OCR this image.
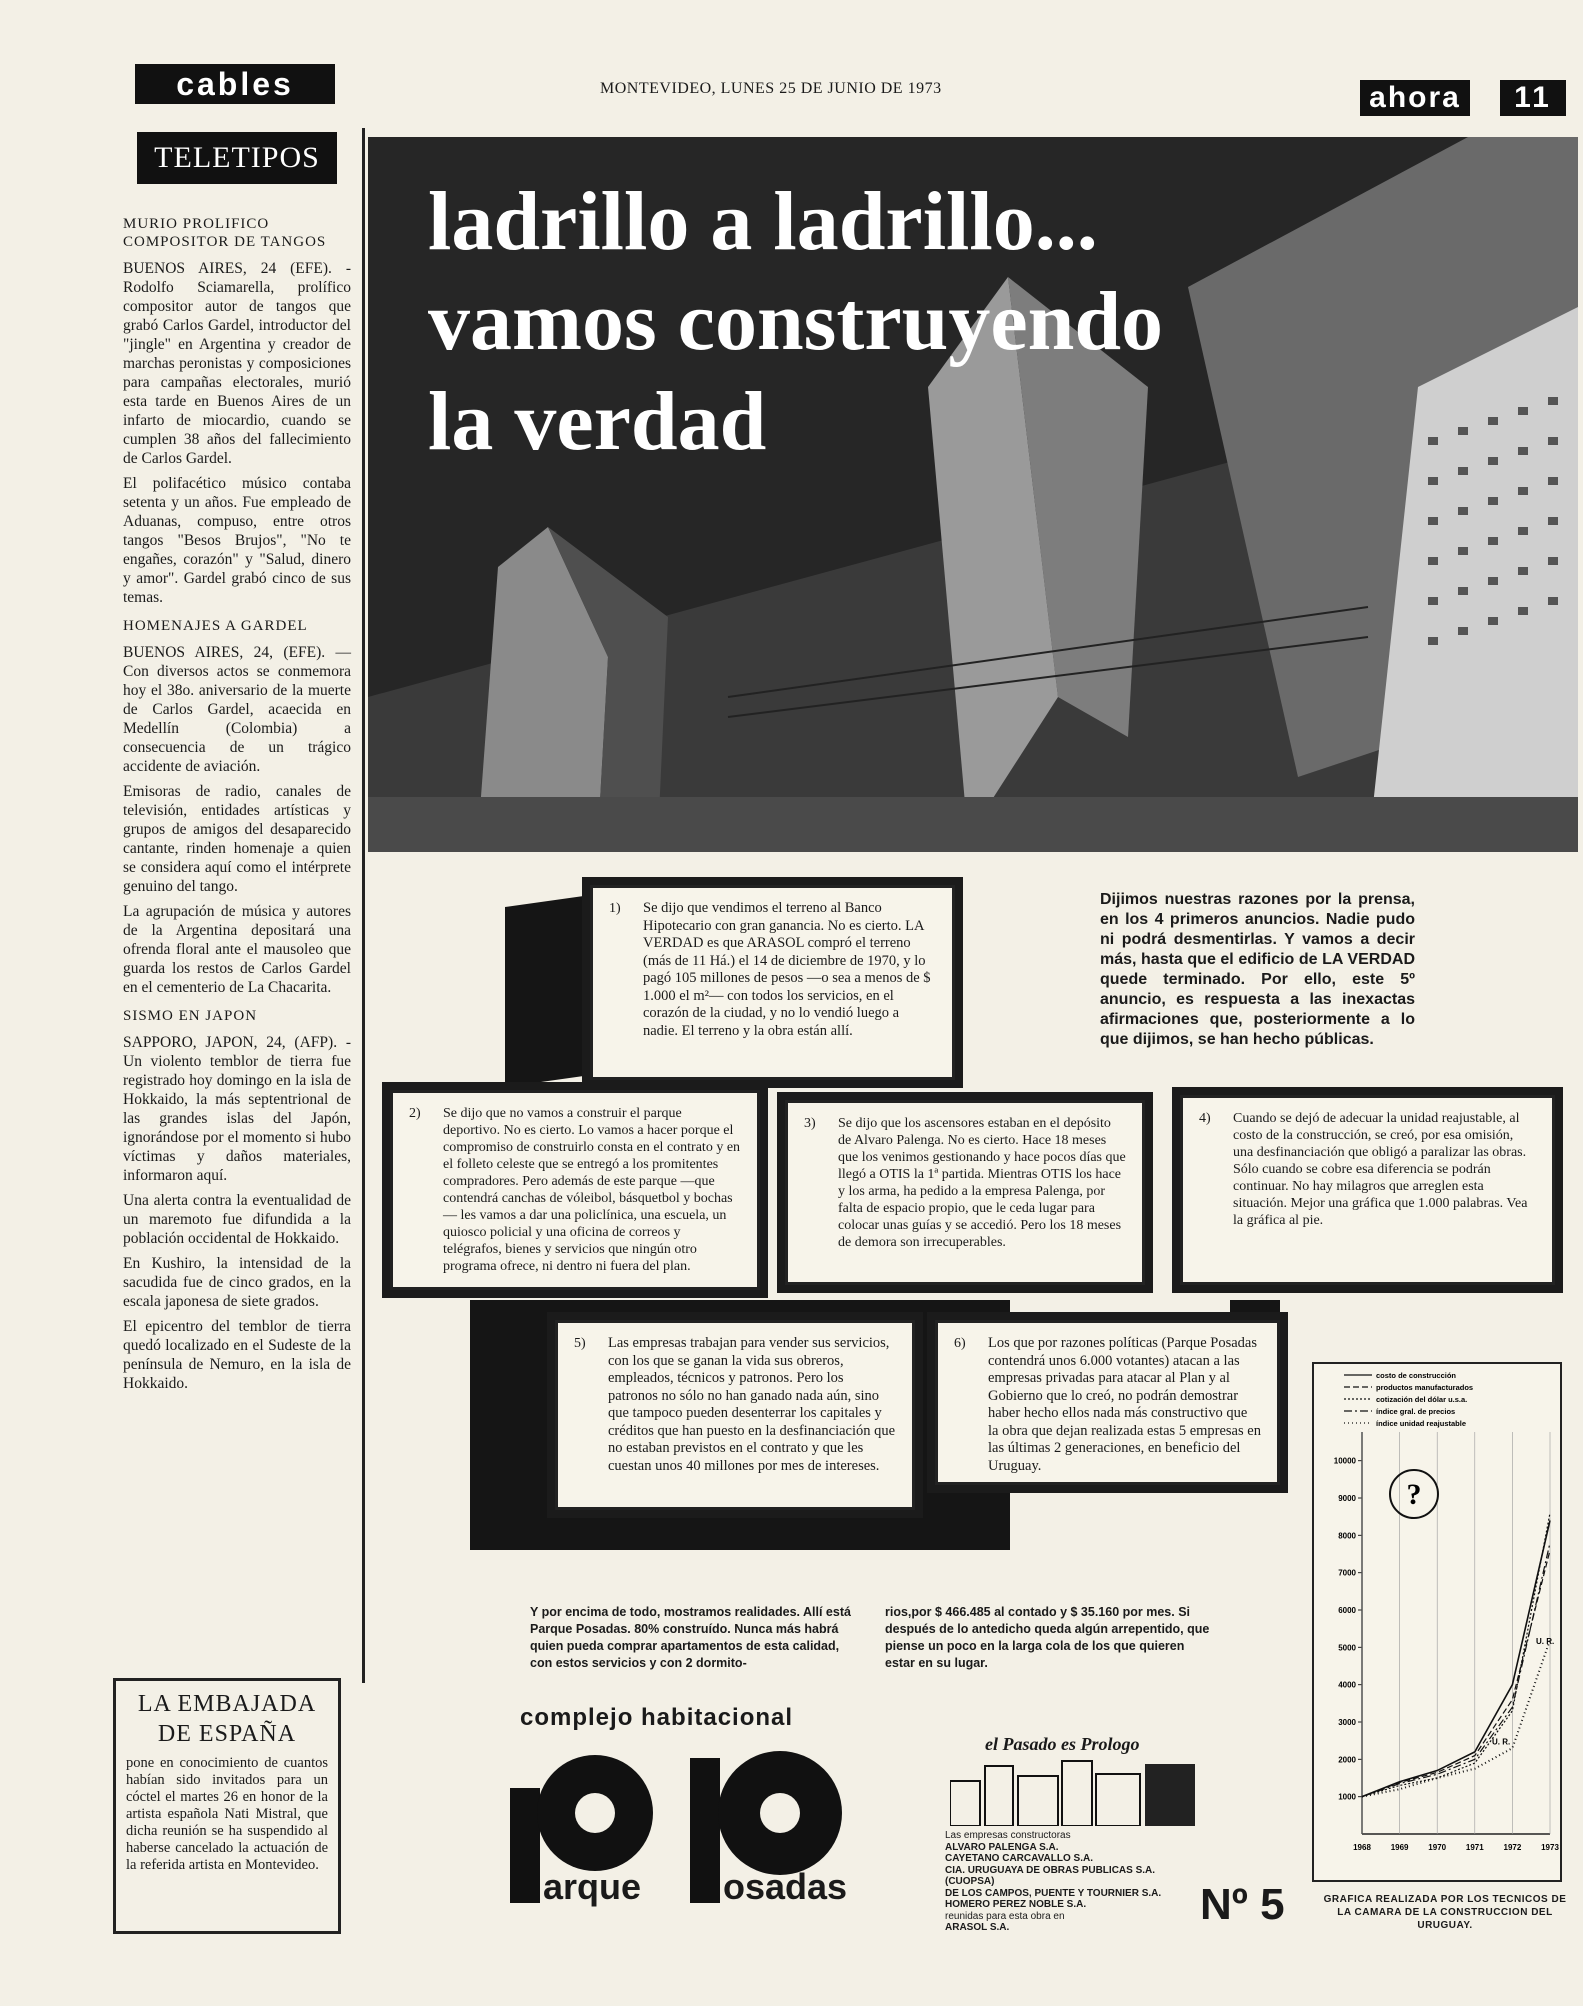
cables	MONTEVIDEO, LUNES 25 DE JUNIO DE 1973	ahora	11
TELETIPOS
MURIO PROLIFICO COMPOSITOR DE TANGOS

BUENOS AIRES, 24 (EFE). - Rodolfo Sciamarella, prolífico compositor autor de tangos que grabó Carlos Gardel, introductor del "jingle" en Argentina y creador de marchas peronistas y composiciones para campañas electorales, murió esta tarde en Buenos Aires de un infarto de miocardio, cuando se cumplen 38 años del fallecimiento de Carlos Gardel.

El polifacético músico contaba setenta y un años. Fue empleado de Aduanas, compuso, entre otros tangos "Besos Brujos", "No te engañes, corazón" y "Salud, dinero y amor". Gardel grabó cinco de sus temas.

HOMENAJES A GARDEL

BUENOS AIRES, 24, (EFE). — Con diversos actos se conmemora hoy el 38o. aniversario de la muerte de Carlos Gardel, acaecida en Medellín (Colombia) a consecuencia de un trágico accidente de aviación.

Emisoras de radio, canales de televisión, entidades artísticas y grupos de amigos del desaparecido cantante, rinden homenaje a quien se considera aquí como el intérprete genuino del tango.

La agrupación de música y autores de la Argentina depositará una ofrenda floral ante el mausoleo que guarda los restos de Carlos Gardel en el cementerio de La Chacarita.

SISMO EN JAPON

SAPPORO, JAPON, 24, (AFP). - Un violento temblor de tierra fue registrado hoy domingo en la isla de Hokkaido, la más septentrional de las grandes islas del Japón, ignorándose por el momento si hubo víctimas y daños materiales, informaron aquí.

Una alerta contra la eventualidad de un maremoto fue difundida a la población occidental de Hokkaido.

En Kushiro, la intensidad de la sacudida fue de cinco grados, en la escala japonesa de siete grados.

El epicentro del temblor de tierra quedó localizado en el Sudeste de la península de Nemuro, en la isla de Hokkaido.

LA EMBAJADA DE ESPAÑA
pone en conocimiento de cuantos habían sido invitados para un cóctel el martes 26 en honor de la artista española Nati Mistral, que dicha reunión se ha suspendido al haberse cancelado la actuación de la referida artista en Montevideo.
ladrillo a ladrillo...
vamos construyendo
la verdad
Dijimos nuestras razones por la prensa, en los 4 primeros anuncios. Nadie pudo ni podrá desmentirlas. Y vamos a decir más, hasta que el edificio de LA VERDAD quede terminado. Por ello, este 5º anuncio, es respuesta a las inexactas afirmaciones que, posteriormente a lo que dijimos, se han hecho públicas.
1)	Se dijo que vendimos el terreno al Banco Hipotecario con gran ganancia. No es cierto. LA VERDAD es que ARASOL compró el terreno (más de 11 Há.) el 14 de diciembre de 1970, y lo pagó 105 millones de pesos —o sea a menos de $ 1.000 el m²— con todos los servicios, en el corazón de la ciudad, y no lo vendió luego a nadie. El terreno y la obra están allí.
2)	Se dijo que no vamos a construir el parque deportivo. No es cierto. Lo vamos a hacer porque el compromiso de construirlo consta en el contrato y en el folleto celeste que se entregó a los promitentes compradores. Pero además de este parque —que contendrá canchas de vóleibol, básquetbol y bochas— les vamos a dar una policlínica, una escuela, un quiosco policial y una oficina de correos y telégrafos, bienes y servicios que ningún otro programa ofrece, ni dentro ni fuera del plan.
3)	Se dijo que los ascensores estaban en el depósito de Alvaro Palenga. No es cierto. Hace 18 meses que los venimos gestionando y hace pocos días que llegó a OTIS la 1ª partida. Mientras OTIS los hace y los arma, ha pedido a la empresa Palenga, por falta de espacio propio, que le ceda lugar para colocar unas guías y se accedió. Pero los 18 meses de demora son irrecuperables.
4)	Cuando se dejó de adecuar la unidad reajustable, al costo de la construcción, se creó, por esa omisión, una desfinanciación que obligó a paralizar las obras. Sólo cuando se cobre esa diferencia se podrán continuar. No hay milagros que arreglen esta situación. Mejor una gráfica que 1.000 palabras. Vea la gráfica al pie.
5)	Las empresas trabajan para vender sus servicios, con los que se ganan la vida sus obreros, empleados, técnicos y patronos. Pero los patronos no sólo no han ganado nada aún, sino que tampoco pueden desenterrar los capitales y créditos que han puesto en la desfinanciación que no estaban previstos en el contrato y que les cuestan unos 40 millones por mes de intereses.
6)	Los que por razones políticas (Parque Posadas contendrá unos 6.000 votantes) atacan a las empresas privadas para atacar al Plan y al Gobierno que lo creó, no podrán demostrar haber hecho ellos nada más constructivo que la obra que dejan realizada estas 5 empresas en las últimas 2 generaciones, en beneficio del Uruguay.
Y por encima de todo, mostramos realidades. Allí está Parque Posadas. 80% construído. Nunca más habrá quien pueda comprar apartamentos de esta calidad, con estos servicios y con 2 dormito-
rios,por $ 466.485 al contado y $ 35.160 por mes. Si después de lo antedicho queda algún arrepentido, que piense un poco en la larga cola de los que quieren estar en su lugar.
complejo habitacional
arque osadas
el Pasado es Prologo
Las empresas constructoras
ALVARO PALENGA S.A.
CAYETANO CARCAVALLO S.A.
CIA. URUGUAYA DE OBRAS PUBLICAS S.A. (CUOPSA)
DE LOS CAMPOS, PUENTE Y TOURNIER S.A.
HOMERO PEREZ NOBLE S.A.
reunidas para esta obra en
ARASOL S.A.	Nº 5
1000
2000
3000
4000
5000
6000
7000
8000
9000
10000
1968 1969 1970 1971 1972 1973
costo de construcción
productos manufacturados
cotización del dólar u.s.a.
índice gral. de precios
índice unidad reajustable
?
U. R.
U. R.
GRAFICA REALIZADA POR LOS TECNICOS DE LA CAMARA DE LA CONSTRUCCION DEL URUGUAY.
